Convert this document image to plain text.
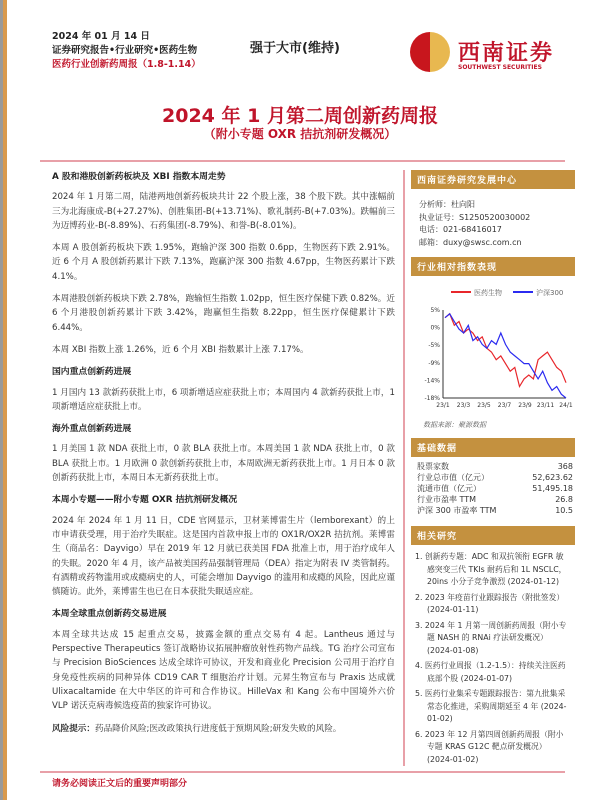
2024 年 01 月 14 日
证券研究报告•行业研究•医药生物
医药行业创新药周报（1.8-1.14）
强于大市(维持)	西南证券
SOUTHWEST SECURITIES
2024 年 1 月第二周创新药周报
（附小专题 OXR 拮抗剂研发概况）
A 股和港股创新药板块及 XBI 指数本周走势

2024 年 1 月第二周，陆港两地创新药板块共计 22 个股上涨，38 个股下跌。其中涨幅前三为北海康成-B(+27.27%)、创胜集团-B(+13.71%)、歌礼制药-B(+7.03%)。跌幅前三为迈博药业-B(-8.89%)、石药集团(-8.79%)、和誉-B(-8.01%)。

本周 A 股创新药板块下跌 1.95%，跑输沪深 300 指数 0.6pp，生物医药下跌 2.91%。近 6 个月 A 股创新药累计下跌 7.13%，跑赢沪深 300 指数 4.67pp，生物医药累计下跌 4.1%。

本周港股创新药板块下跌 2.78%，跑输恒生指数 1.02pp，恒生医疗保健下跌 0.82%。近 6 个月港股创新药累计下跌 3.42%，跑赢恒生指数 8.22pp，恒生医疗保健累计下跌 6.44%。

本周 XBI 指数上涨 1.26%，近 6 个月 XBI 指数累计上涨 7.17%。

国内重点创新药进展

1 月国内 13 款新药获批上市，6 项新增适应症获批上市；本周国内 4 款新药获批上市，1 项新增适应症获批上市。

海外重点创新药进展

1 月美国 1 款 NDA 获批上市，0 款 BLA 获批上市。本周美国 1 款 NDA 获批上市，0 款 BLA 获批上市。1 月欧洲 0 款创新药获批上市，本周欧洲无新药获批上市。1 月日本 0 款创新药获批上市，本周日本无新药获批上市。

本周小专题——附小专题 OXR 拮抗剂研发概况

2024 年 2024 年 1 月 11 日，CDE 官网显示，卫材莱博雷生片（lemborexant）的上市申请获受理，用于治疗失眠症。这是国内首款申报上市的 OX1R/OX2R 拮抗剂。莱博雷生（商品名：Dayvigo）早在 2019 年 12 月就已获美国 FDA 批准上市，用于治疗成年人的失眠。2020 年 4 月，该产品被美国药品强制管理局（DEA）指定为附表 IV 类管制药。有酒精或药物滥用或成瘾病史的人，可能会增加 Dayvigo 的滥用和成瘾的风险，因此应谨慎随访。此外，莱博雷生也已在日本获批失眠适应症。

本周全球重点创新药交易进展

本周全球共达成 15 起重点交易，披露金额的重点交易有 4 起。Lantheus 通过与 Perspective Therapeutics 签订战略协议拓展肿瘤放射性药物产品线。TG 治疗公司宣布与 Precision BioSciences 达成全球许可协议，开发和商业化 Precision 公司用于治疗自身免疫性疾病的同种异体 CD19 CAR T 细胞治疗计划。元昇生物宣布与 Praxis 达成就 Ulixacaltamide 在大中华区的许可和合作协议。HilleVax 和 Kang 公布中国境外六价 VLP 诺沃克病毒候选疫苗的独家许可协议。

风险提示：药品降价风险;医改政策执行进度低于预期风险;研发失败的风险。

西南证券研究发展中心
分析师：杜向阳
执业证号：S1250520030002
电话：021-68416017
邮箱：duxy@swsc.com.cn
行业相对指数表现
医药生物	沪深300
5%
0%
-5%
-9%
-14%
-18%
23/1 23/3 23/5 23/7 23/9 23/11 24/1
数据来源：聚源数据
基础数据
股票家数	368
行业总市值（亿元）	52,623.62
流通市值（亿元）	51,495.18
行业市盈率 TTM	26.8
沪深 300 市盈率 TTM	10.5
相关研究
1. 创新药专题：ADC 和双抗领衔 EGFR 敏感突变三代 TKIs 耐药后和 1L NSCLC，20ins 小分子竞争激烈 (2024-01-12)
2. 2023 年疫苗行业跟踪报告（附批签发） (2024-01-11)
3. 2024 年 1 月第一周创新药周报（附小专题 NASH 的 RNAi 疗法研发概况） (2024-01-08)
4. 医药行业周报（1.2-1.5）：持续关注医药底部个股 (2024-01-07)
5. 医药行业集采专题跟踪报告：第九批集采常态化推进，采购周期延至 4 年 (2024-01-02)
6. 2023 年 12 月第四周创新药周报（附小专题 KRAS G12C 靶点研发概况） (2024-01-02)
请务必阅读正文后的重要声明部分
